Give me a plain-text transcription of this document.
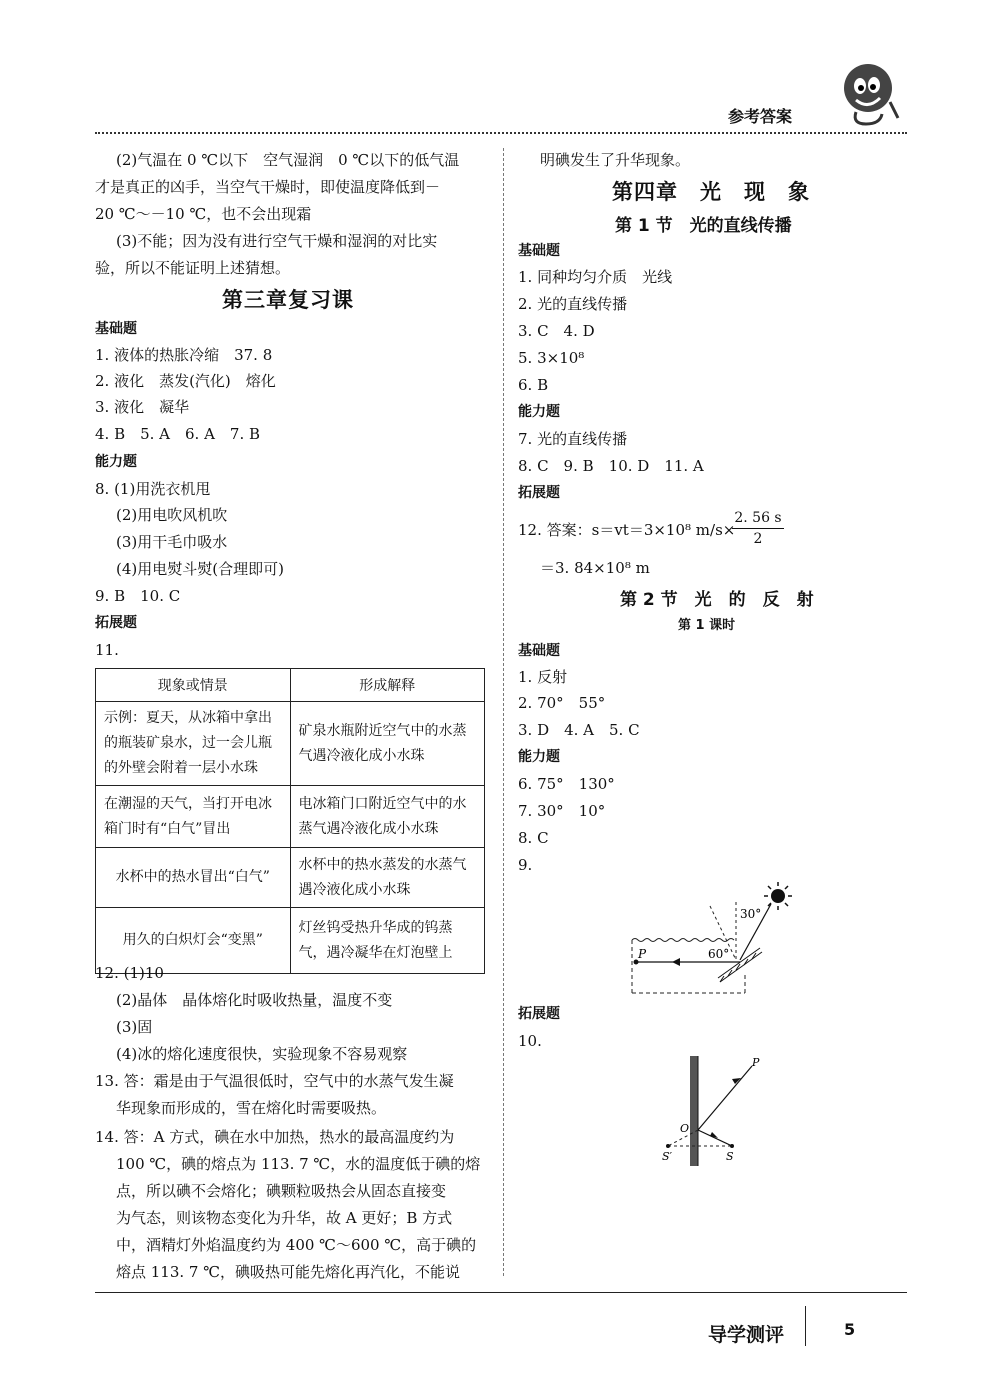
参考答案
(2)气温在 0 ℃以下　空气湿润　0 ℃以下的低气温
才是真正的凶手，当空气干燥时，即使温度降低到－
20 ℃～－10 ℃，也不会出现霜
(3)不能；因为没有进行空气干燥和湿润的对比实
验，所以不能证明上述猜想。
第三章复习课
基础题
1. 液体的热胀冷缩　37. 8
2. 液化　蒸发(汽化)　熔化
3. 液化　凝华
4. B　5. A　6. A　7. B
能力题
8. (1)用洗衣机甩
(2)用电吹风机吹
(3)用干毛巾吸水
(4)用电熨斗熨(合理即可)
9. B　10. C
拓展题
11.
现象或情景	形成解释
示例：夏天，从冰箱中拿出的瓶装矿泉水，过一会儿瓶的外壁会附着一层小水珠	矿泉水瓶附近空气中的水蒸气遇冷液化成小水珠
在潮湿的天气，当打开电冰箱门时有“白气”冒出	电冰箱门口附近空气中的水蒸气遇冷液化成小水珠
水杯中的热水冒出“白气”	水杯中的热水蒸发的水蒸气遇冷液化成小水珠
用久的白炽灯会“变黑”	灯丝钨受热升华成的钨蒸气，遇冷凝华在灯泡壁上
12. (1)10
(2)晶体　晶体熔化时吸收热量，温度不变
(3)固
(4)冰的熔化速度很快，实验现象不容易观察
13. 答：霜是由于气温很低时，空气中的水蒸气发生凝
华现象而形成的，雪在熔化时需要吸热。
14. 答：A 方式，碘在水中加热，热水的最高温度约为
100 ℃，碘的熔点为 113. 7 ℃，水的温度低于碘的熔
点，所以碘不会熔化；碘颗粒吸热会从固态直接变
为气态，则该物态变化为升华，故 A 更好；B 方式
中，酒精灯外焰温度约为 400 ℃～600 ℃，高于碘的
熔点 113. 7 ℃，碘吸热可能先熔化再汽化，不能说
明碘发生了升华现象。
第四章　光　现　象
第 1 节　光的直线传播
基础题
1. 同种均匀介质　光线
2. 光的直线传播
3. C　4. D
5. 3×10⁸
6. B
能力题
7. 光的直线传播
8. C　9. B　10. D　11. A
拓展题
12. 答案：s＝vt＝3×10⁸ m/s×
$\frac{2. 56 s}{2}$
＝3. 84×10⁸ m
第 2 节　光　的　反　射
第 1 课时
基础题
1. 反射
2. 70°　55°
3. D　4. A　5. C
能力题
6. 75°　130°
7. 30°　10°
8. C
9.
30°
60°
P
拓展题
10.
P
O
S
S′
导学测评	5
